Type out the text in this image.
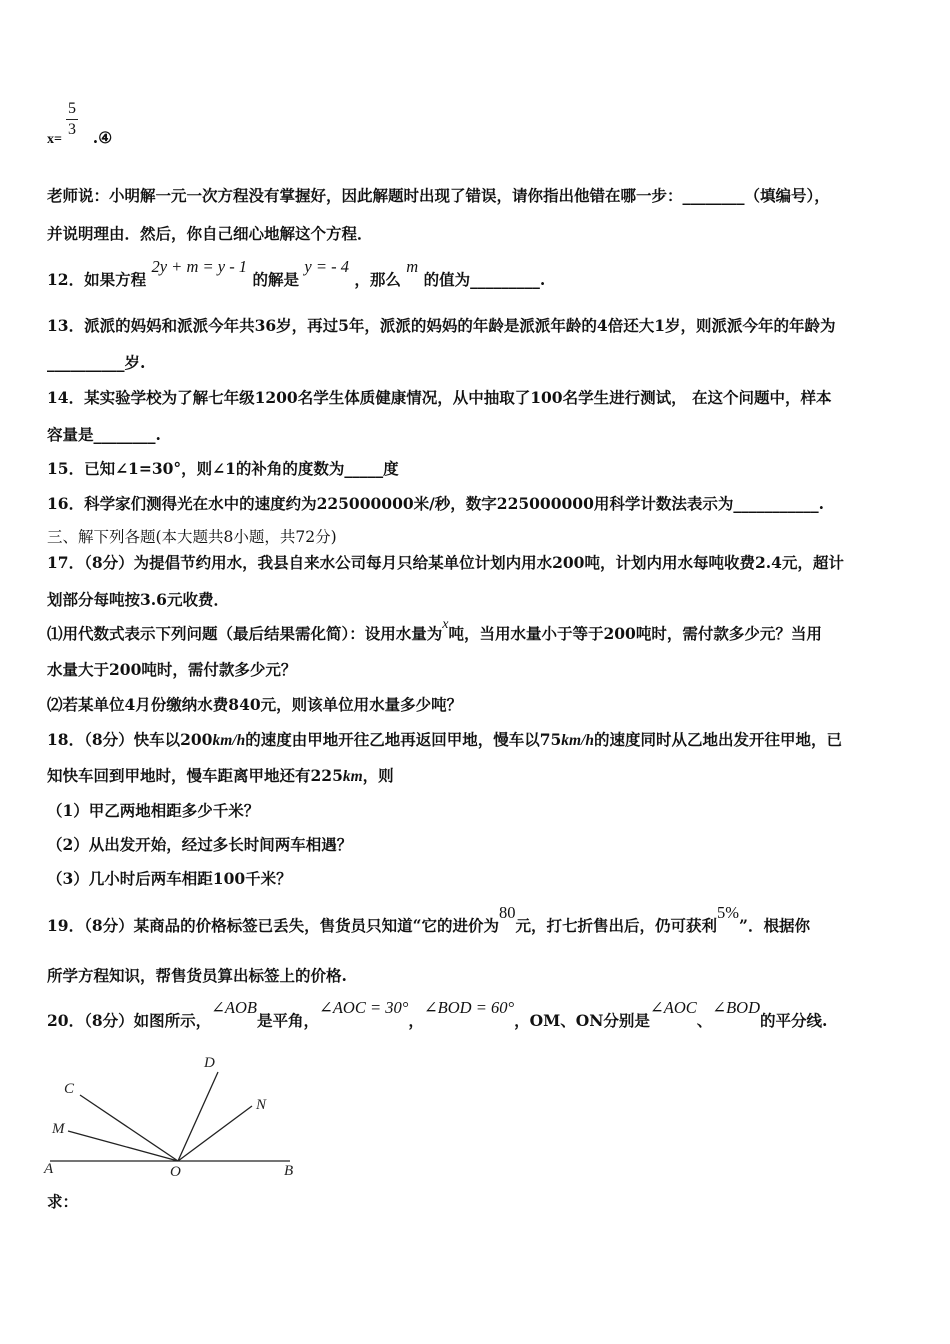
x= .④
5
3
老师说：小明解一元一次方程没有掌握好，因此解题时出现了错误，请你指出他错在哪一步：________（填编号），
并说明理由．然后，你自己细心地解这个方程．
12．如果方程 2y + m = y - 1 的解是 y = - 4 ，那么 m 的值为_________.
13．派派的妈妈和派派今年共36岁，再过5年，派派的妈妈的年龄是派派年龄的4倍还大1岁，则派派今年的年龄为
__________岁.
14．某实验学校为了解七年级1200名学生体质健康情况，从中抽取了100名学生进行测试， 在这个问题中，样本
容量是________.
15．已知∠1=30°，则∠1的补角的度数为_____度
16．科学家们测得光在水中的速度约为225000000米/秒，数字225000000用科学计数法表示为___________.
三、解下列各题(本大题共8小题，共72分)
17．（8分）为提倡节约用水，我县自来水公司每月只给某单位计划内用水200吨，计划内用水每吨收费2.4元，超计
划部分每吨按3.6元收费．
⑴用代数式表示下列问题（最后结果需化简）：设用水量为x吨，当用水量小于等于200吨时，需付款多少元？当用
水量大于200吨时，需付款多少元？
⑵若某单位4月份缴纳水费840元，则该单位用水量多少吨？
18．（8分）快车以200km/h的速度由甲地开往乙地再返回甲地，慢车以75km/h的速度同时从乙地出发开往甲地，已
知快车回到甲地时，慢车距离甲地还有225km，则
（1）甲乙两地相距多少千米？
（2）从出发开始，经过多长时间两车相遇？
（3）几小时后两车相距100千米？
19．（8分）某商品的价格标签已丢失，售货员只知道“它的进价为80元，打七折售出后，仍可获利5%”．根据你
所学方程知识，帮售货员算出标签上的价格.
20．（8分）如图所示，∠AOB是平角，∠AOC = 30°，∠BOD = 60°，OM、ON分别是∠AOC、∠BOD的平分线.
A	B
O
C
D
M
N
求：
